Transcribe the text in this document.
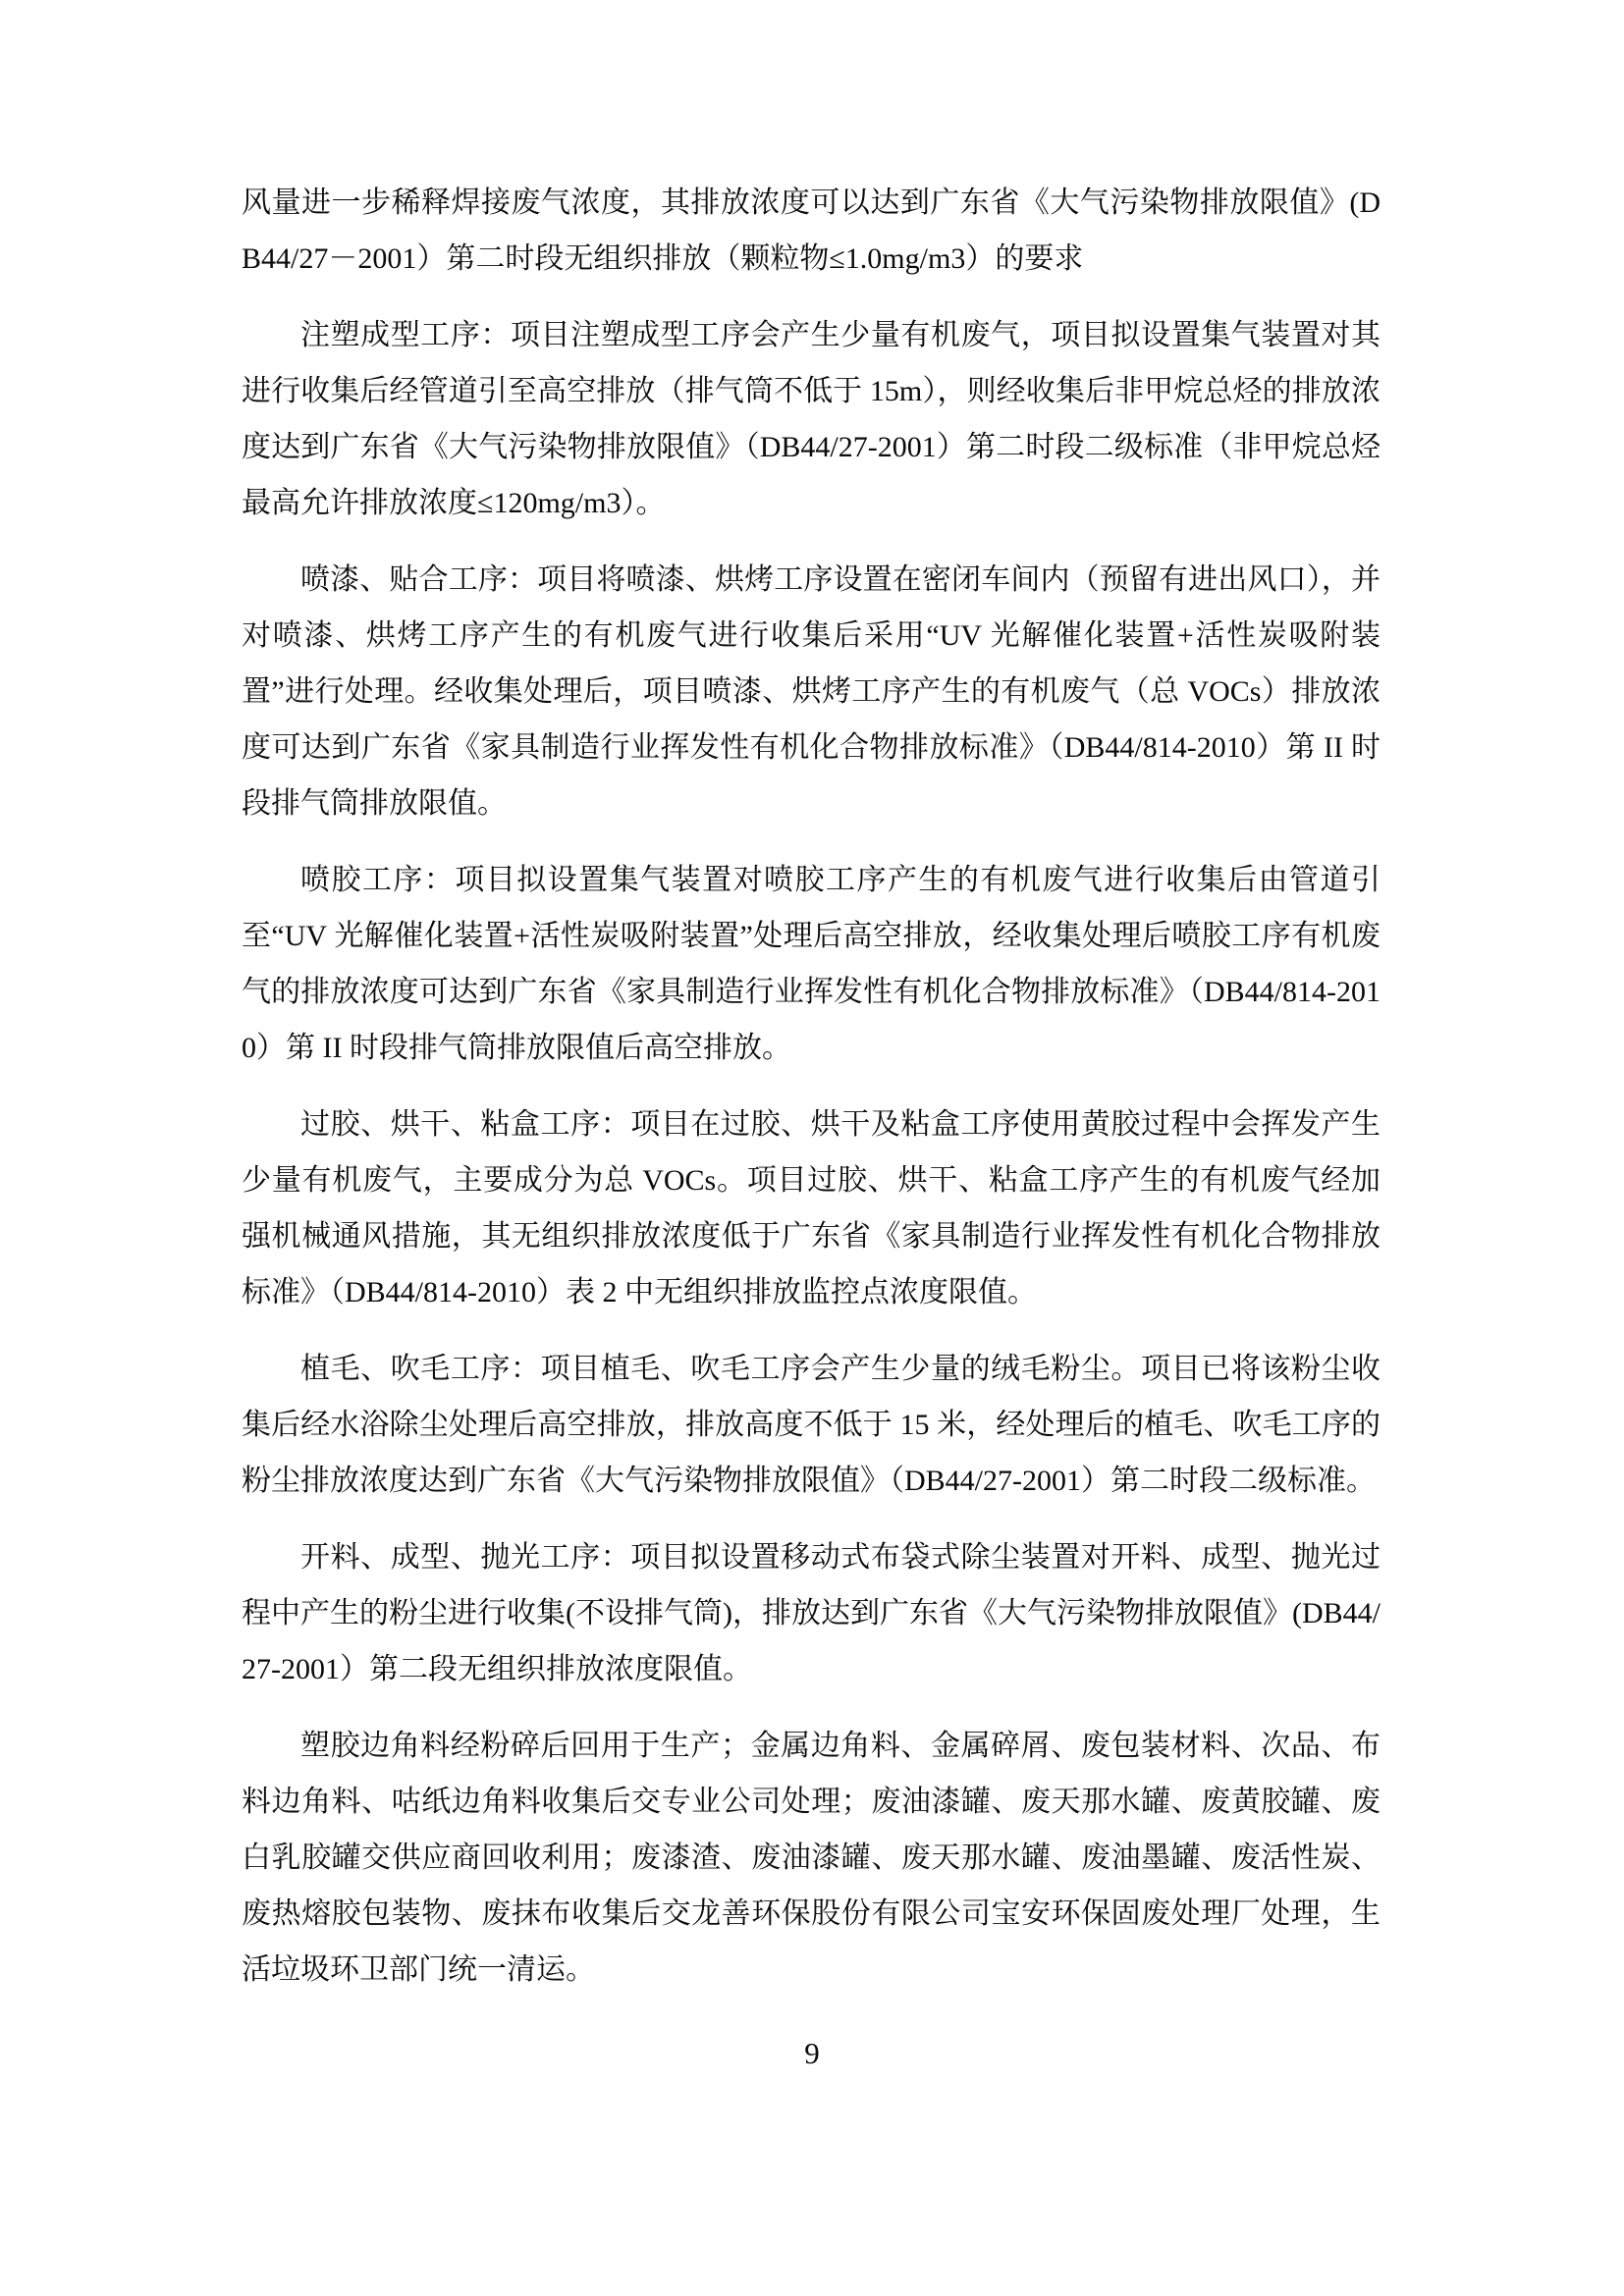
风量进一步稀释焊接废气浓度，其排放浓度可以达到广东省《大气污染物排放限值》(DB44/27－2001）第二时段无组织排放（颗粒物≤1.0mg/m3）的要求

注塑成型工序：项目注塑成型工序会产生少量有机废气，项目拟设置集气装置对其进行收集后经管道引至高空排放（排气筒不低于 15m），则经收集后非甲烷总烃的排放浓度达到广东省《大气污染物排放限值》（DB44/27-2001）第二时段二级标准（非甲烷总烃最高允许排放浓度≤120mg/m3）。

喷漆、贴合工序：项目将喷漆、烘烤工序设置在密闭车间内（预留有进出风口），并对喷漆、烘烤工序产生的有机废气进行收集后采用“UV 光解催化装置+活性炭吸附装置”进行处理。经收集处理后，项目喷漆、烘烤工序产生的有机废气（总 VOCs）排放浓度可达到广东省《家具制造行业挥发性有机化合物排放标准》（DB44/814-2010）第 II 时段排气筒排放限值。

喷胶工序：项目拟设置集气装置对喷胶工序产生的有机废气进行收集后由管道引至“UV 光解催化装置+活性炭吸附装置”处理后高空排放，经收集处理后喷胶工序有机废气的排放浓度可达到广东省《家具制造行业挥发性有机化合物排放标准》（DB44/814-2010）第 II 时段排气筒排放限值后高空排放。

过胶、烘干、粘盒工序：项目在过胶、烘干及粘盒工序使用黄胶过程中会挥发产生少量有机废气，主要成分为总 VOCs。项目过胶、烘干、粘盒工序产生的有机废气经加强机械通风措施，其无组织排放浓度低于广东省《家具制造行业挥发性有机化合物排放标准》（DB44/814-2010）表 2 中无组织排放监控点浓度限值。

植毛、吹毛工序：项目植毛、吹毛工序会产生少量的绒毛粉尘。项目已将该粉尘收集后经水浴除尘处理后高空排放，排放高度不低于 15 米，经处理后的植毛、吹毛工序的粉尘排放浓度达到广东省《大气污染物排放限值》（DB44/27-2001）第二时段二级标准。

开料、成型、抛光工序：项目拟设置移动式布袋式除尘装置对开料、成型、抛光过程中产生的粉尘进行收集(不设排气筒)，排放达到广东省《大气污染物排放限值》(DB44/27-2001）第二段无组织排放浓度限值。

塑胶边角料经粉碎后回用于生产；金属边角料、金属碎屑、废包装材料、次品、布料边角料、咕纸边角料收集后交专业公司处理；废油漆罐、废天那水罐、废黄胶罐、废白乳胶罐交供应商回收利用；废漆渣、废油漆罐、废天那水罐、废油墨罐、废活性炭、废热熔胶包装物、废抹布收集后交龙善环保股份有限公司宝安环保固废处理厂处理，生活垃圾环卫部门统一清运。

9
